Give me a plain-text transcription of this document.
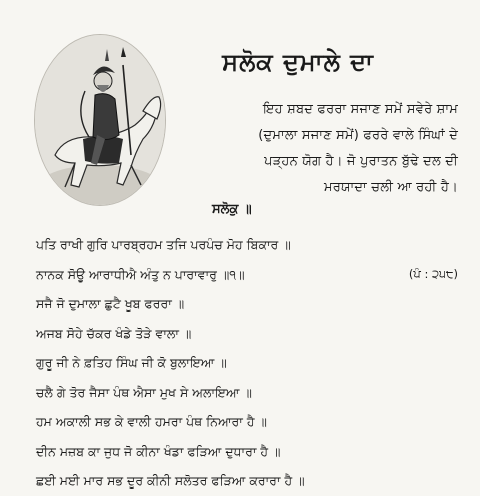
ਸਲੋਕ ਦੁਮਾਲੇ ਦਾ
ਇਹ ਸ਼ਬਦ ਫਰਰਾ ਸਜਾਣ ਸਮੇਂ ਸਵੇਰੇ ਸ਼ਾਮ
(ਦੁਮਾਲਾ ਸਜਾਣ ਸਮੇਂ) ਫਰਰੇ ਵਾਲੇ ਸਿੰਘਾਂ ਦੇ
ਪੜ੍ਹਨ ਯੋਗ ਹੈ। ਜੋ ਪੁਰਾਤਨ ਬੁੱਢੇ ਦਲ ਦੀ
ਮਰਯਾਦਾ ਚਲੀ ਆ ਰਹੀ ਹੈ।
ਸਲੋਕੁ ॥
ਪਤਿ ਰਾਖੀ ਗੁਰਿ ਪਾਰਬ੍ਰਹਮ ਤਜਿ ਪਰਪੰਚ ਮੋਹ ਬਿਕਾਰ ॥
ਨਾਨਕ ਸੋਊ ਆਰਾਧੀਐ ਅੰਤੁ ਨ ਪਾਰਾਵਾਰੁ ॥੧॥	(ਪੰ : ੨੫੮)
ਸਜੈ ਜੋ ਦੁਮਾਲਾ ਛੁਟੈ ਖੂਬ ਫਰਰਾ ॥
ਅਜਬ ਸੋਹੇ ਚੱਕਰ ਖੰਡੇ ਤੋੜੇ ਵਾਲਾ ॥
ਗੁਰੂ ਜੀ ਨੇ ਫ਼ਤਿਹ ਸਿੰਘ ਜੀ ਕੋ ਬੁਲਾਇਆ ॥
ਚਲੈ ਗੇ ਤੋਰ ਜੈਸਾ ਪੰਥ ਐਸਾ ਮੁਖ ਸੇ ਅਲਾਇਆ ॥
ਹਮ ਅਕਾਲੀ ਸਭ ਕੇ ਵਾਲੀ ਹਮਰਾ ਪੰਥ ਨਿਆਰਾ ਹੈ ॥
ਦੀਨ ਮਜ਼ਬ ਕਾ ਜੁਧ ਜੋ ਕੀਨਾ ਖੰਡਾ ਫੜਿਆ ਦੁਧਾਰਾ ਹੈ ॥
ਛਈ ਮਈ ਮਾਰ ਸਭ ਦੂਰ ਕੀਨੀ ਸਲੋਤਰ ਫੜਿਆ ਕਰਾਰਾ ਹੈ ॥
